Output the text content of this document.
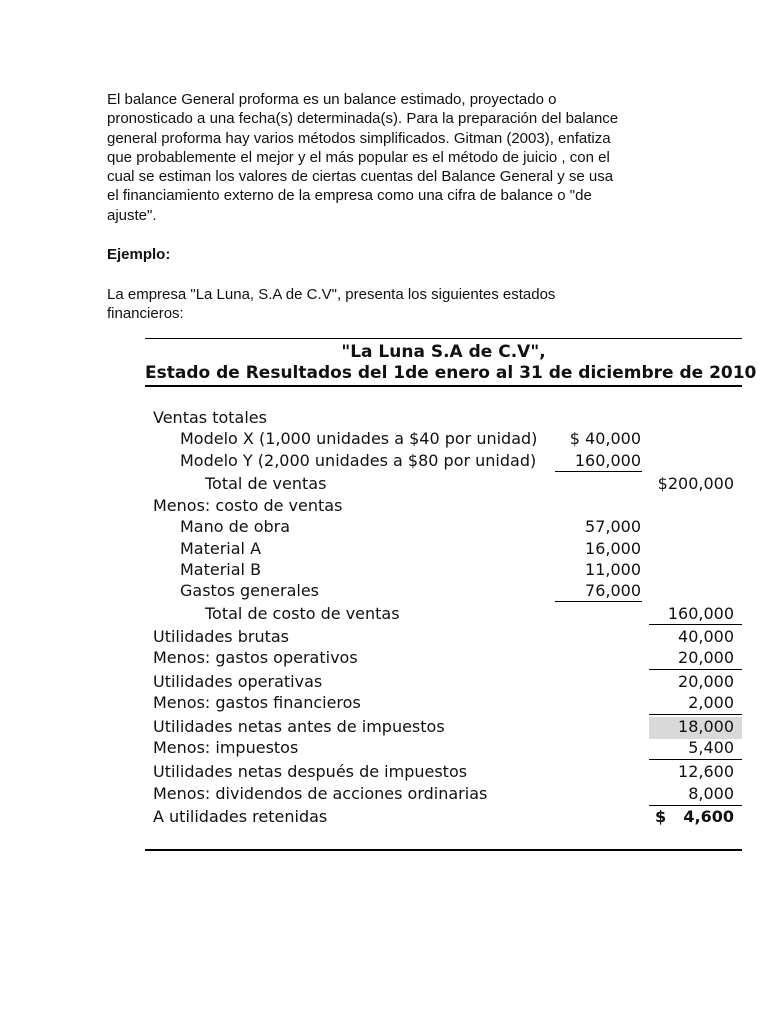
El balance General proforma es un balance estimado, proyectado o pronosticado a una fecha(s) determinada(s). Para la preparación del balance general proforma hay varios métodos simplificados. Gitman (2003), enfatiza que probablemente el mejor y el más popular es el método de juicio , con el cual se estiman los valores de ciertas cuentas del Balance General y se usa el financiamiento externo de la empresa como una cifra de balance o "de ajuste".

Ejemplo:

La empresa "La Luna, S.A de C.V", presenta los siguientes estados financieros:

"La Luna S.A de C.V",
Estado de Resultados del 1de enero al 31 de diciembre de 2010
Ventas totales
Modelo X (1,000 unidades a $40 por unidad) $ 40,000
Modelo Y (2,000 unidades a $80 por unidad) 160,000
Total de ventas	$200,000
Menos: costo de ventas
Mano de obra	57,000
Material A	16,000
Material B	11,000
Gastos generales	76,000
Total de costo de ventas	160,000
Utilidades brutas	40,000
Menos: gastos operativos	20,000
Utilidades operativas	20,000
Menos: gastos financieros	2,000
Utilidades netas antes de impuestos	18,000
Menos: impuestos	5,400
Utilidades netas después de impuestos	12,600
Menos: dividendos de acciones ordinarias	8,000
A utilidades retenidas	$ 4,600
